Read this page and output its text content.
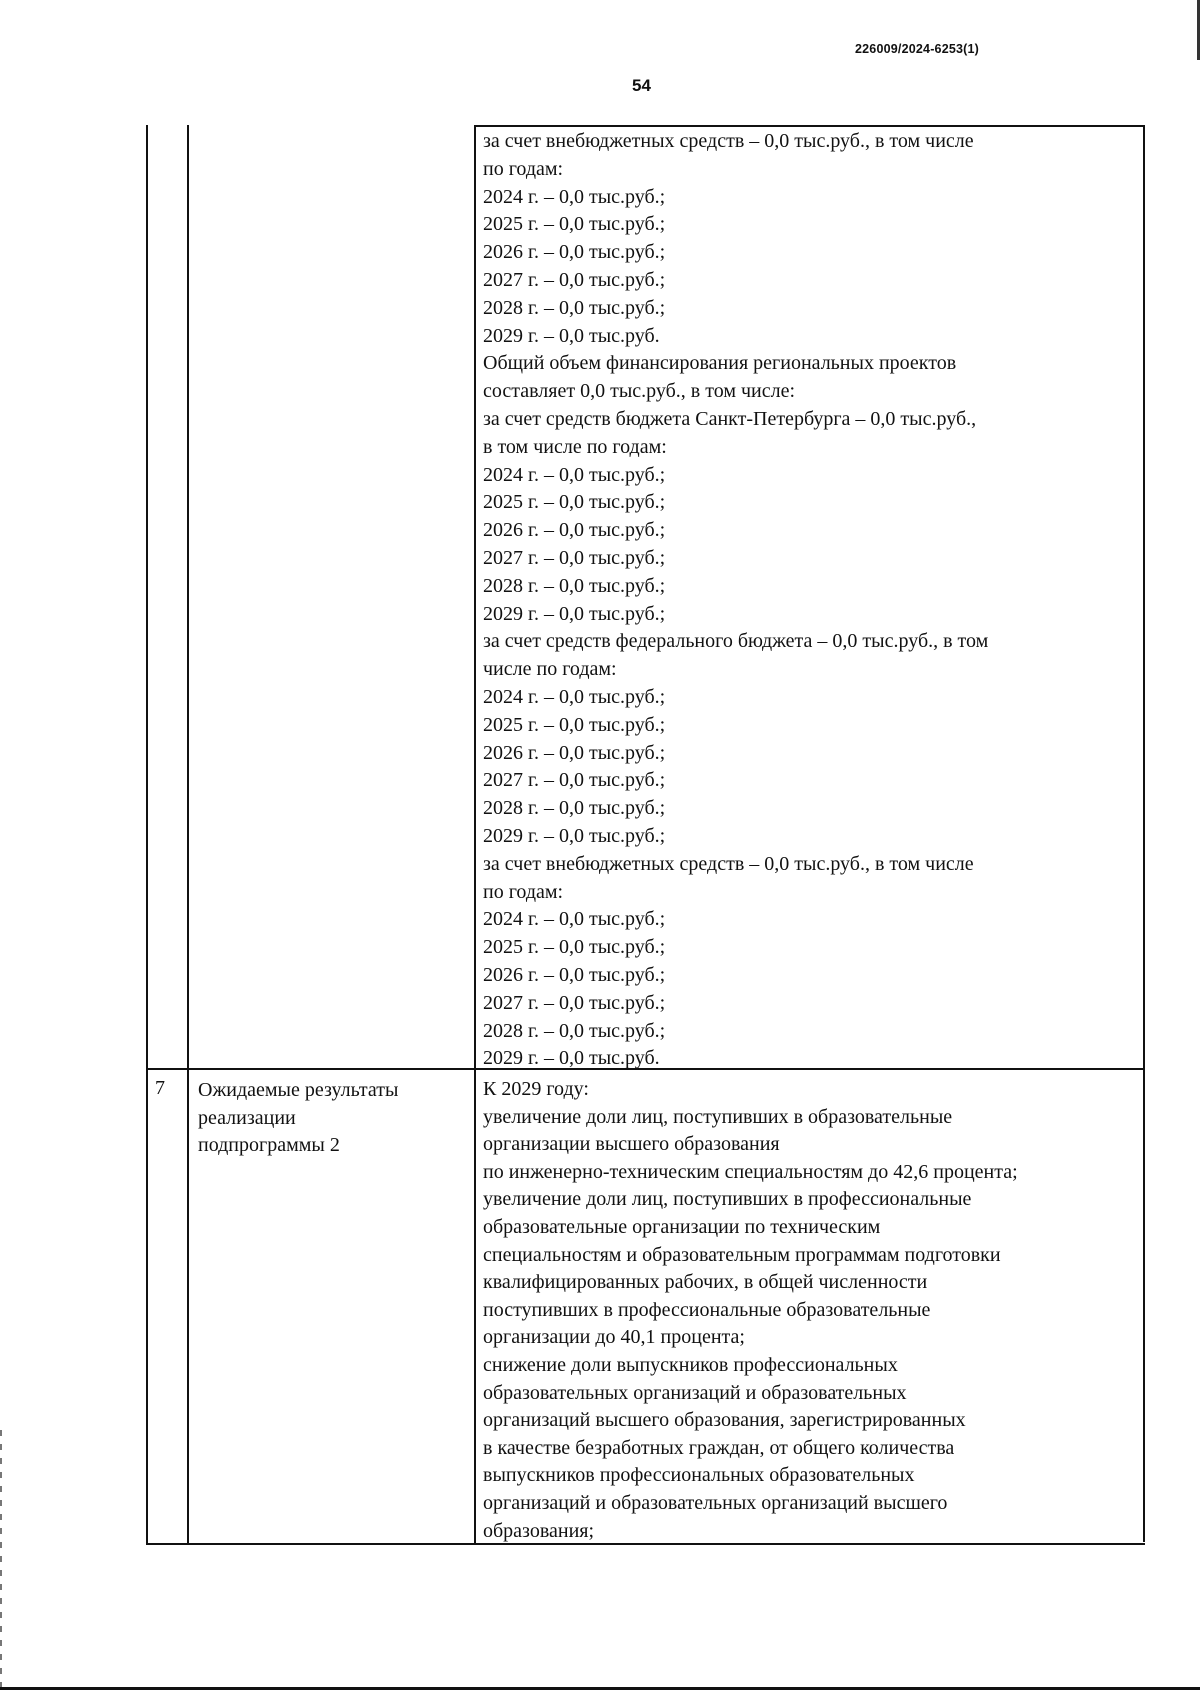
226009/2024-6253(1)
54
за счет внебюджетных средств – 0,0 тыс.руб., в том числе
по годам:
2024 г. – 0,0 тыс.руб.;
2025 г. – 0,0 тыс.руб.;
2026 г. – 0,0 тыс.руб.;
2027 г. – 0,0 тыс.руб.;
2028 г. – 0,0 тыс.руб.;
2029 г. – 0,0 тыс.руб.
Общий объем финансирования региональных проектов
составляет 0,0 тыс.руб., в том числе:
за счет средств бюджета Санкт-Петербурга – 0,0 тыс.руб.,
в том числе по годам:
2024 г. – 0,0 тыс.руб.;
2025 г. – 0,0 тыс.руб.;
2026 г. – 0,0 тыс.руб.;
2027 г. – 0,0 тыс.руб.;
2028 г. – 0,0 тыс.руб.;
2029 г. – 0,0 тыс.руб.;
за счет средств федерального бюджета – 0,0 тыс.руб., в том
числе по годам:
2024 г. – 0,0 тыс.руб.;
2025 г. – 0,0 тыс.руб.;
2026 г. – 0,0 тыс.руб.;
2027 г. – 0,0 тыс.руб.;
2028 г. – 0,0 тыс.руб.;
2029 г. – 0,0 тыс.руб.;
за счет внебюджетных средств – 0,0 тыс.руб., в том числе
по годам:
2024 г. – 0,0 тыс.руб.;
2025 г. – 0,0 тыс.руб.;
2026 г. – 0,0 тыс.руб.;
2027 г. – 0,0 тыс.руб.;
2028 г. – 0,0 тыс.руб.;
2029 г. – 0,0 тыс.руб.
7 Ожидаемые результаты
реализации
подпрограммы 2
К 2029 году:
увеличение доли лиц, поступивших в образовательные
организации высшего образования
по инженерно-техническим специальностям до 42,6 процента;
увеличение доли лиц, поступивших в профессиональные
образовательные организации по техническим
специальностям и образовательным программам подготовки
квалифицированных рабочих, в общей численности
поступивших в профессиональные образовательные
организации до 40,1 процента;
снижение доли выпускников профессиональных
образовательных организаций и образовательных
организаций высшего образования, зарегистрированных
в качестве безработных граждан, от общего количества
выпускников профессиональных образовательных
организаций и образовательных организаций высшего
образования;
